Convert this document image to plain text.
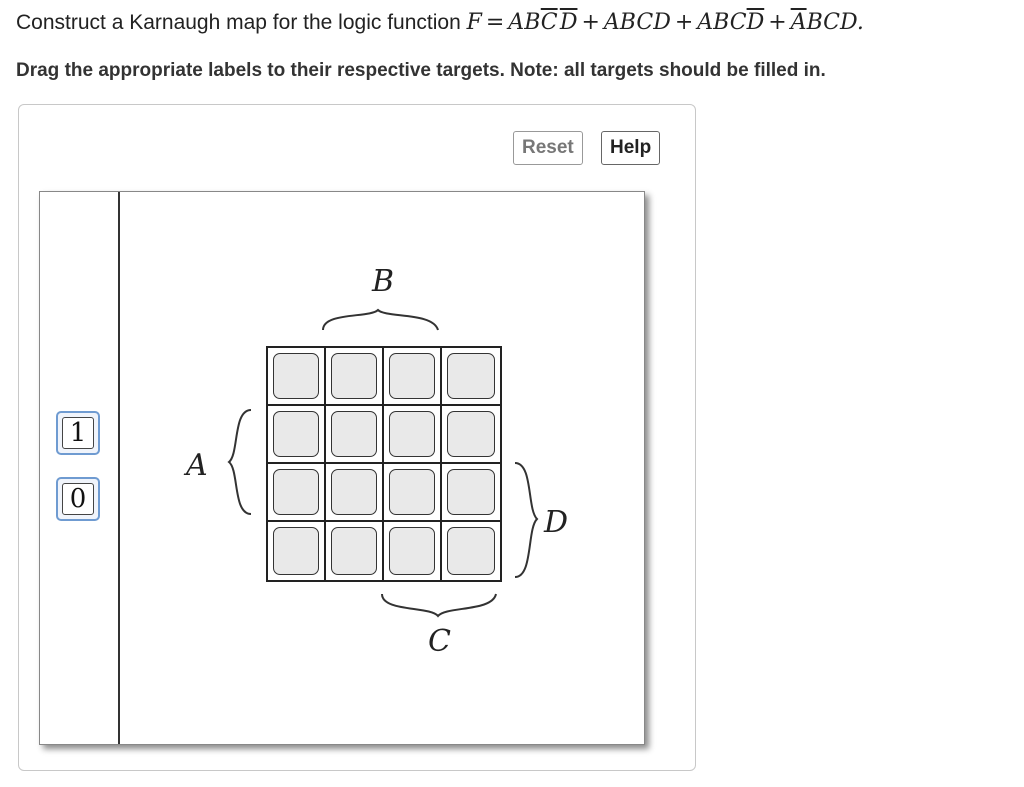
Construct a Karnaugh map for the logic function $F = AB\overline{C}$  $\overline{D}$ + ABCD + $ABC\overline{D} + \overline{A}BCD$.
Drag the appropriate labels to their respective targets. Note: all targets should be filled in.
Reset	Help
1
0
B
A
D
C
